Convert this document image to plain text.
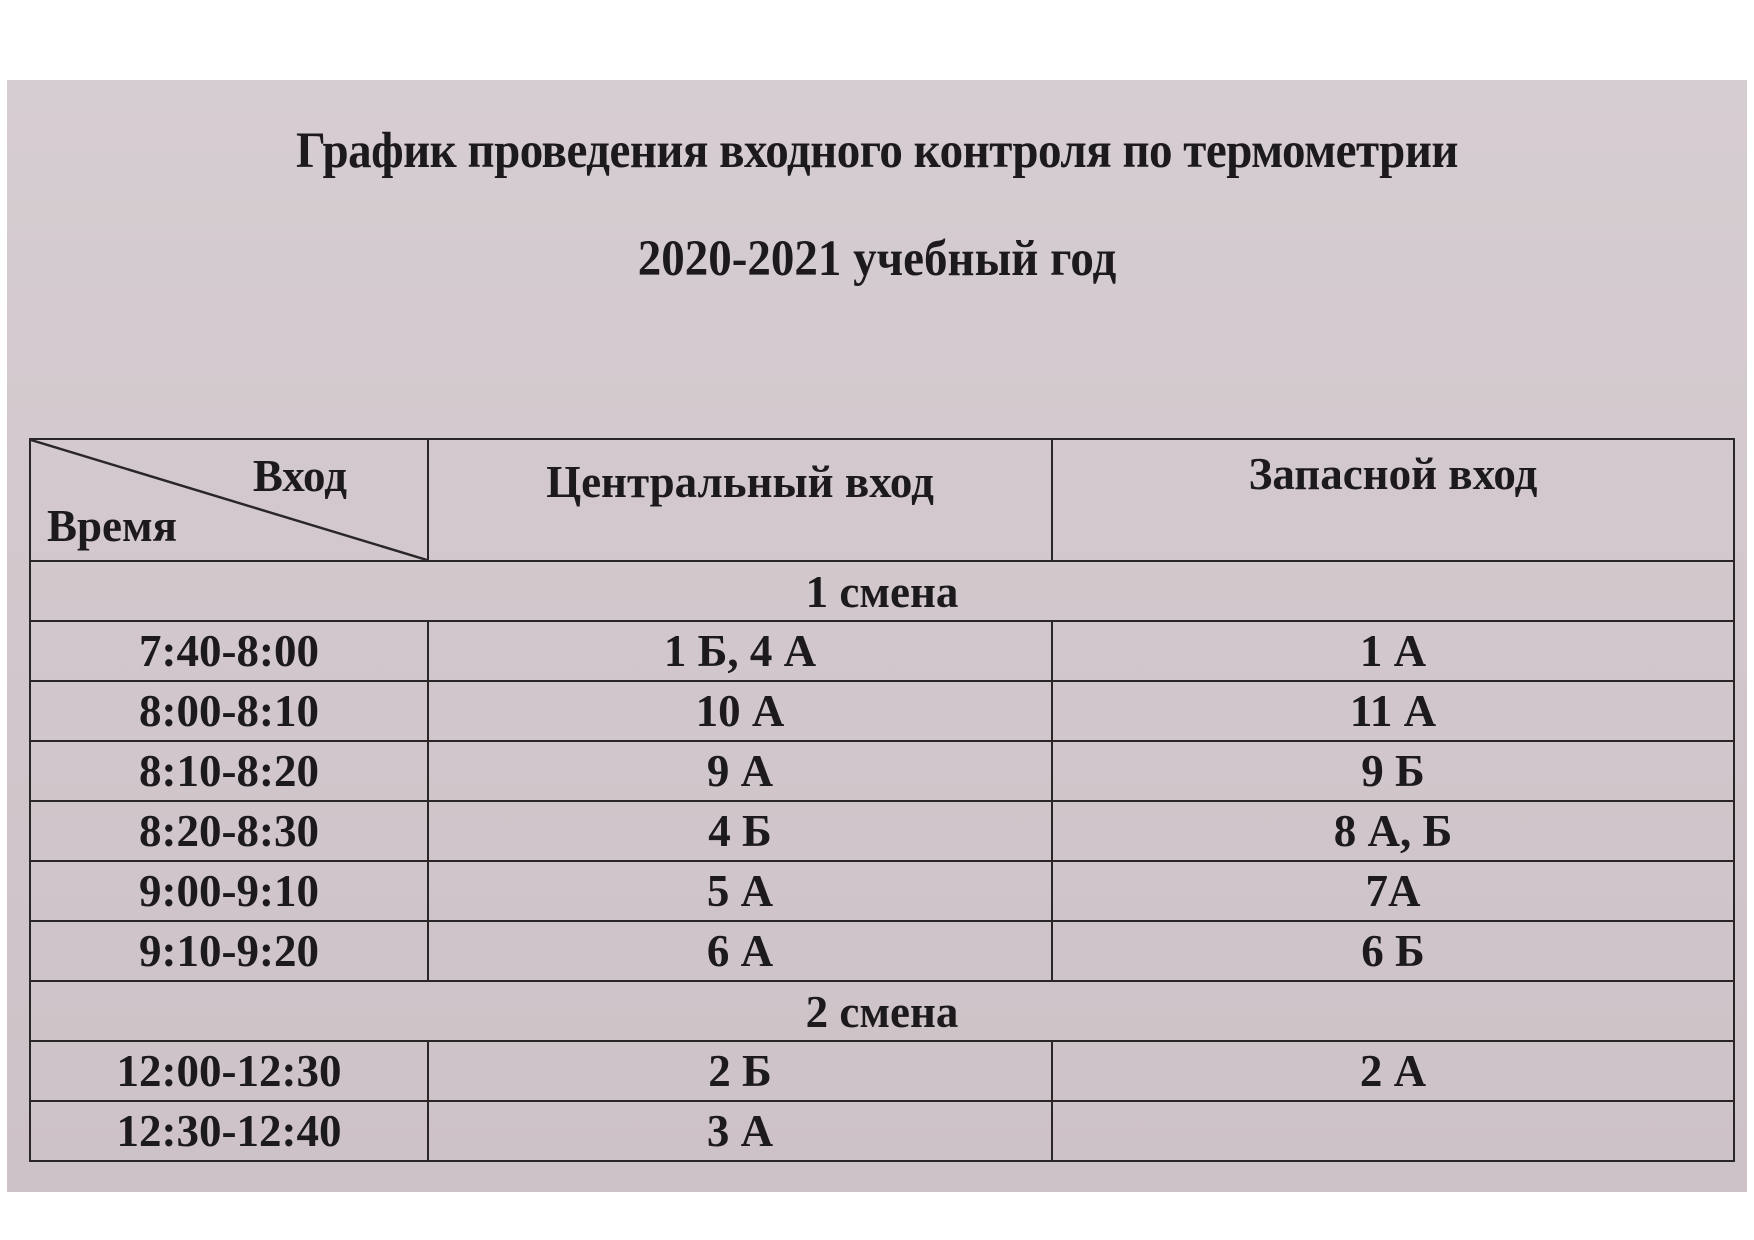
График проведения входного контроля по термометрии
2020-2021 учебный год
Вход
Время	Центральный вход	Запасной вход
1 смена		
7:40-8:00	1 Б, 4 А	1 А
8:00-8:10	10 А	11 А
8:10-8:20	9 А	9 Б
8:20-8:30	4 Б	8 А, Б
9:00-9:10	5 А	7А
9:10-9:20	6 А	6 Б
2 смена		
12:00-12:30	2 Б	2 А
12:30-12:40	3 А	
